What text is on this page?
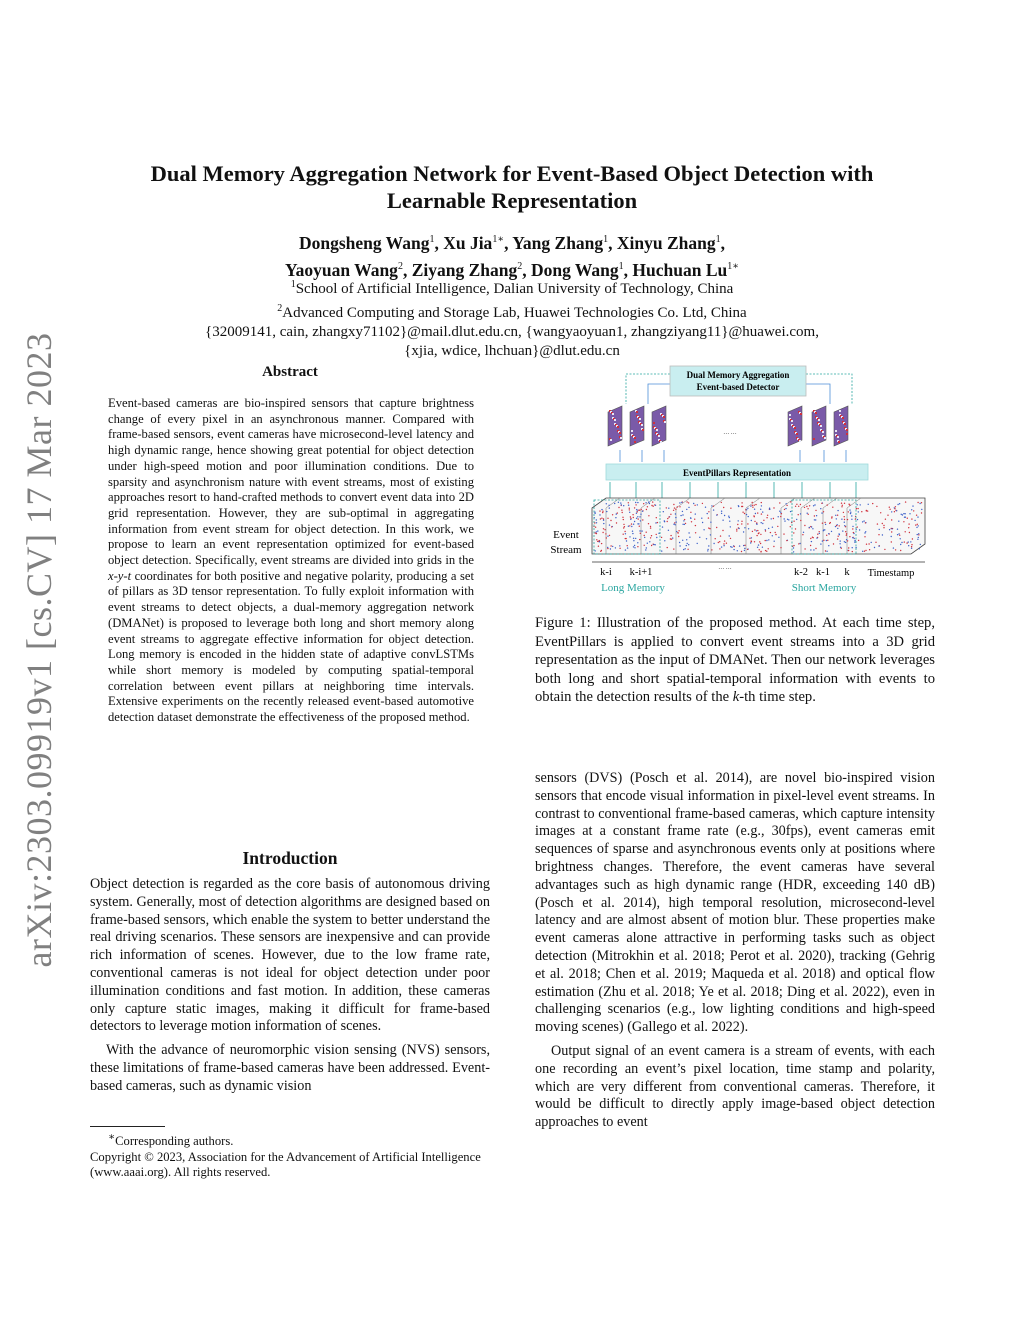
arXiv:2303.09919v1 [cs.CV] 17 Mar 2023
Dual Memory Aggregation Network for Event-Based Object Detection with
Learnable Representation
Dongsheng Wang$^1$, Xu Jia$^{1∗}$, Yang Zhang$^1$, Xinyu Zhang$^1$,
Yaoyuan Wang$^2$, Ziyang Zhang$^2$, Dong Wang$^1$, Huchuan $Lu^{1∗}$
$^1$School of Artificial Intelligence, Dalian University of Technology, China
$^2$Advanced Computing and Storage Lab, Huawei Technologies Co. Ltd, China
{32009141, cain, zhangxy71102}@mail.dlut.edu.cn, {wangyaoyuan1, zhangziyang11}@huawei.com,
{xjia, wdice, lhchuan}@dlut.edu.cn
Abstract
Event-based cameras are bio-inspired sensors that capture brightness change of every pixel in an asynchronous manner. Compared with frame-based sensors, event cameras have microsecond-level latency and high dynamic range, hence showing great potential for object detection under high-speed motion and poor illumination conditions. Due to sparsity and asynchronism nature with event streams, most of existing approaches resort to hand-crafted methods to convert event data into 2D grid representation. However, they are sub-optimal in aggregating information from event stream for object detection. In this work, we propose to learn an event representation optimized for event-based object detection. Specifically, event streams are divided into grids in the x-y-t coordinates for both positive and negative polarity, producing a set of pillars as 3D tensor representation. To fully exploit information with event streams to detect objects, a dual-memory aggregation network (DMANet) is proposed to leverage both long and short memory along event streams to aggregate effective information for object detection. Long memory is encoded in the hidden state of adaptive convLSTMs while short memory is modeled by computing spatial-temporal correlation between event pillars at neighboring time intervals. Extensive experiments on the recently released event-based automotive detection dataset demonstrate the effectiveness of the proposed method.
Introduction

Object detection is regarded as the core basis of autonomous driving system. Generally, most of detection algorithms are designed based on frame-based sensors, which enable the system to better understand the real driving scenarios. These sensors are inexpensive and can provide rich information of scenes. However, due to the low frame rate, conventional cameras is not ideal for object detection under poor illumination conditions and fast motion. In addition, these cameras only capture static images, making it difficult for frame-based detectors to leverage motion information of scenes.

With the advance of neuromorphic vision sensing (NVS) sensors, these limitations of frame-based cameras have been addressed. Event-based cameras, such as dynamic vision

∗Corresponding authors.
Copyright © 2023, Association for the Advancement of Artificial Intelligence (www.aaai.org). All rights reserved.
Dual Memory Aggregation
Event-based Detector
… …
EventPillars Representation
Event
Stream
k-i k-i+1	… …	k-2 k-1 k Timestamp
Long Memory	Short Memory
Figure 1: Illustration of the proposed method. At each time step, EventPillars is applied to convert event streams into a 3D grid representation as the input of DMANet. Then our network leverages both long and short spatial-temporal information with events to obtain the detection results of the k-th time step.

sensors (DVS) (Posch et al. 2014), are novel bio-inspired vision sensors that encode visual information in pixel-level event streams. In contrast to conventional frame-based cameras, which capture intensity images at a constant frame rate (e.g., 30fps), event cameras emit sequences of sparse and asynchronous events only at positions where brightness changes. Therefore, the event cameras have several advantages such as high dynamic range (HDR, exceeding 140 dB) (Posch et al. 2014), high temporal resolution, microsecond-level latency and are almost absent of motion blur. These properties make event cameras alone attractive in performing tasks such as object detection (Mitrokhin et al. 2018; Perot et al. 2020), tracking (Gehrig et al. 2018; Chen et al. 2019; Maqueda et al. 2018) and optical flow estimation (Zhu et al. 2018; Ye et al. 2018; Ding et al. 2022), even in challenging scenarios (e.g., low lighting conditions and high-speed moving scenes) (Gallego et al. 2022).

Output signal of an event camera is a stream of events, with each one recording an event’s pixel location, time stamp and polarity, which are very different from conventional cameras. Therefore, it would be difficult to directly apply image-based object detection approaches to event
